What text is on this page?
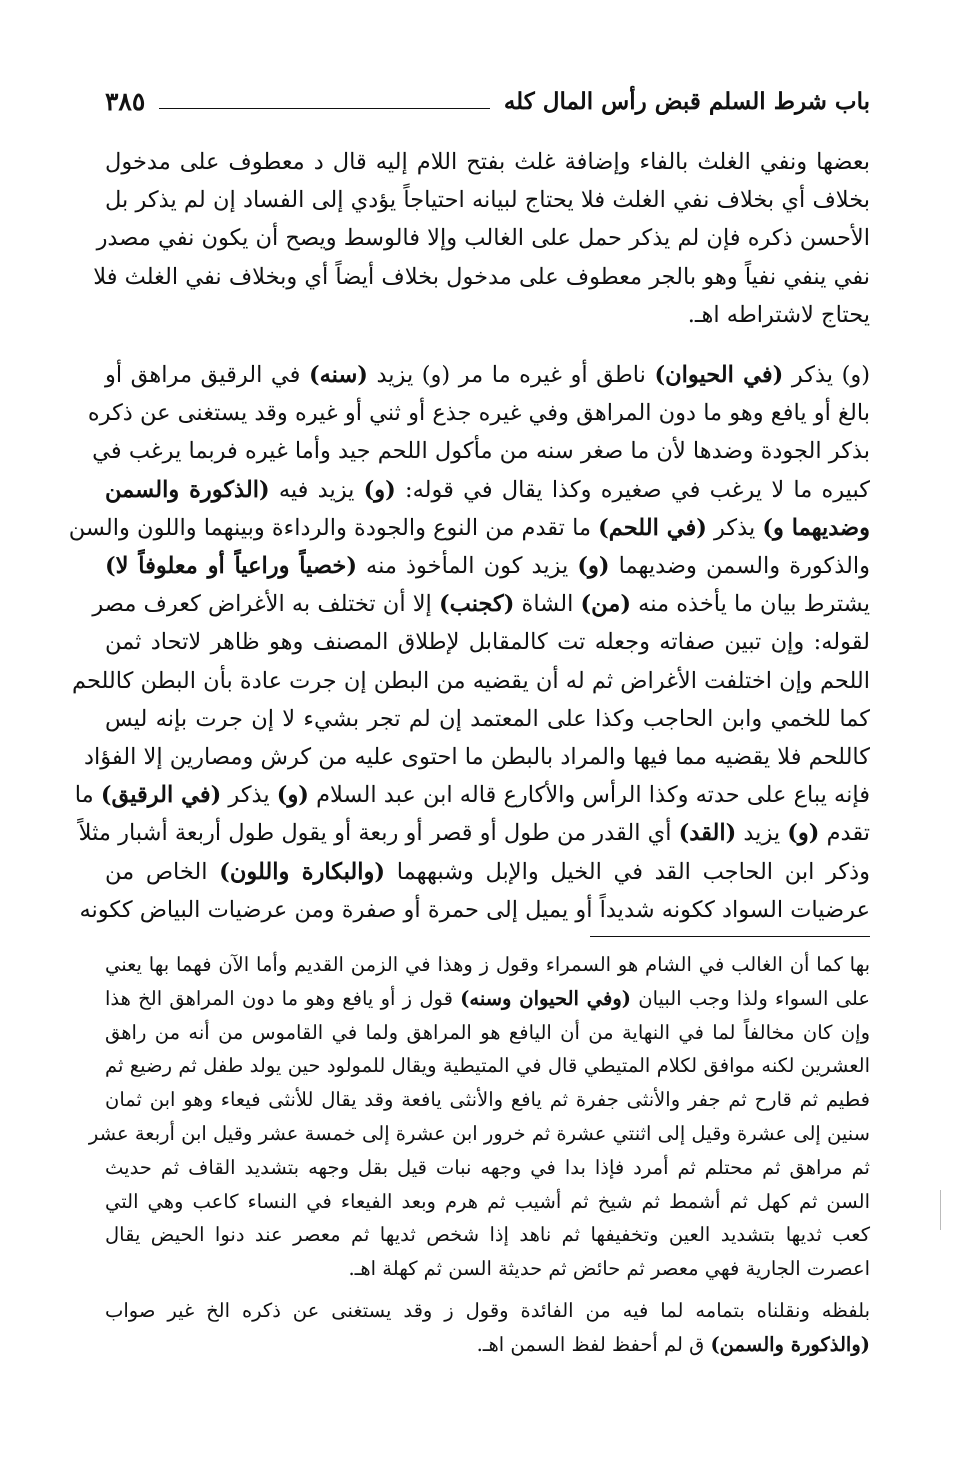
باب شرط السلم قبض رأس المال كله
٣٨٥
بعضها ونفي الغلث بالفاء وإضافة غلث بفتح اللام إليه قال د معطوف على مدخول
بخلاف أي بخلاف نفي الغلث فلا يحتاج لبيانه احتياجاً يؤدي إلى الفساد إن لم يذكر بل
الأحسن ذكره فإن لم يذكر حمل على الغالب وإلا فالوسط ويصح أن يكون نفي مصدر
نفي ينفي نفياً وهو بالجر معطوف على مدخول بخلاف أيضاً أي وبخلاف نفي الغلث فلا
يحتاج لاشتراطه اهـ.
(و) يذكر (في الحيوان) ناطق أو غيره ما مر (و) يزيد (سنه) في الرقيق مراهق أو
بالغ أو يافع وهو ما دون المراهق وفي غيره جذع أو ثني أو غيره وقد يستغنى عن ذكره
بذكر الجودة وضدها لأن ما صغر سنه من مأكول اللحم جيد وأما غيره فربما يرغب في
كبيره ما لا يرغب في صغيره وكذا يقال في قوله: (و) يزيد فيه (الذكورة والسمن
وضديهما و) يذكر (في اللحم) ما تقدم من النوع والجودة والرداءة وبينهما واللون والسن
والذكورة والسمن وضديهما (و) يزيد كون المأخوذ منه (خصياً وراعياً أو معلوفاً لا)
يشترط بيان ما يأخذه منه (من) الشاة (كجنب) إلا أن تختلف به الأغراض كعرف مصر
لقوله: وإن تبين صفاته وجعله تت كالمقابل لإطلاق المصنف وهو ظاهر لاتحاد ثمن
اللحم وإن اختلفت الأغراض ثم له أن يقضيه من البطن إن جرت عادة بأن البطن كاللحم
كما للخمي وابن الحاجب وكذا على المعتمد إن لم تجر بشيء لا إن جرت بإنه ليس
كاللحم فلا يقضيه مما فيها والمراد بالبطن ما احتوى عليه من كرش ومصارين إلا الفؤاد
فإنه يباع على حدته وكذا الرأس والأكارع قاله ابن عبد السلام (و) يذكر (في الرقيق) ما
تقدم (و) يزيد (القد) أي القدر من طول أو قصر أو ربعة أو يقول طول أربعة أشبار مثلاً
وذكر ابن الحاجب القد في الخيل والإبل وشبههما (والبكارة واللون) الخاص من
عرضيات السواد ككونه شديداً أو يميل إلى حمرة أو صفرة ومن عرضيات البياض ككونه
بها كما أن الغالب في الشام هو السمراء وقول ز وهذا في الزمن القديم وأما الآن فهما بها يعني
على السواء ولذا وجب البيان (وفي الحيوان وسنه) قول ز أو يافع وهو ما دون المراهق الخ هذا
وإن كان مخالفاً لما في النهاية من أن اليافع هو المراهق ولما في القاموس من أنه من راهق
العشرين لكنه موافق لكلام المتيطي قال في المتيطية ويقال للمولود حين يولد طفل ثم رضيع ثم
فطيم ثم قارح ثم جفر والأنثى جفرة ثم يافع والأنثى يافعة وقد يقال للأنثى فيعاء وهو ابن ثمان
سنين إلى عشرة وقيل إلى اثنتي عشرة ثم خرور ابن عشرة إلى خمسة عشر وقيل ابن أربعة عشر
ثم مراهق ثم محتلم ثم أمرد فإذا بدا في وجهه نبات قيل بقل وجهه بتشديد القاف ثم حديث
السن ثم كهل ثم أشمط ثم شيخ ثم أشيب ثم هرم وبعد الفيعاء في النساء كاعب وهي التي
كعب ثديها بتشديد العين وتخفيفها ثم ناهد إذا شخص ثديها ثم معصر عند دنوا الحيض يقال
اعصرت الجارية فهي معصر ثم حائض ثم حديثة السن ثم كهلة اهـ.
بلفظه ونقلناه بتمامه لما فيه من الفائدة وقول ز وقد يستغنى عن ذكره الخ غير صواب
(والذكورة والسمن) ق لم أحفظ لفظ السمن اهـ.
